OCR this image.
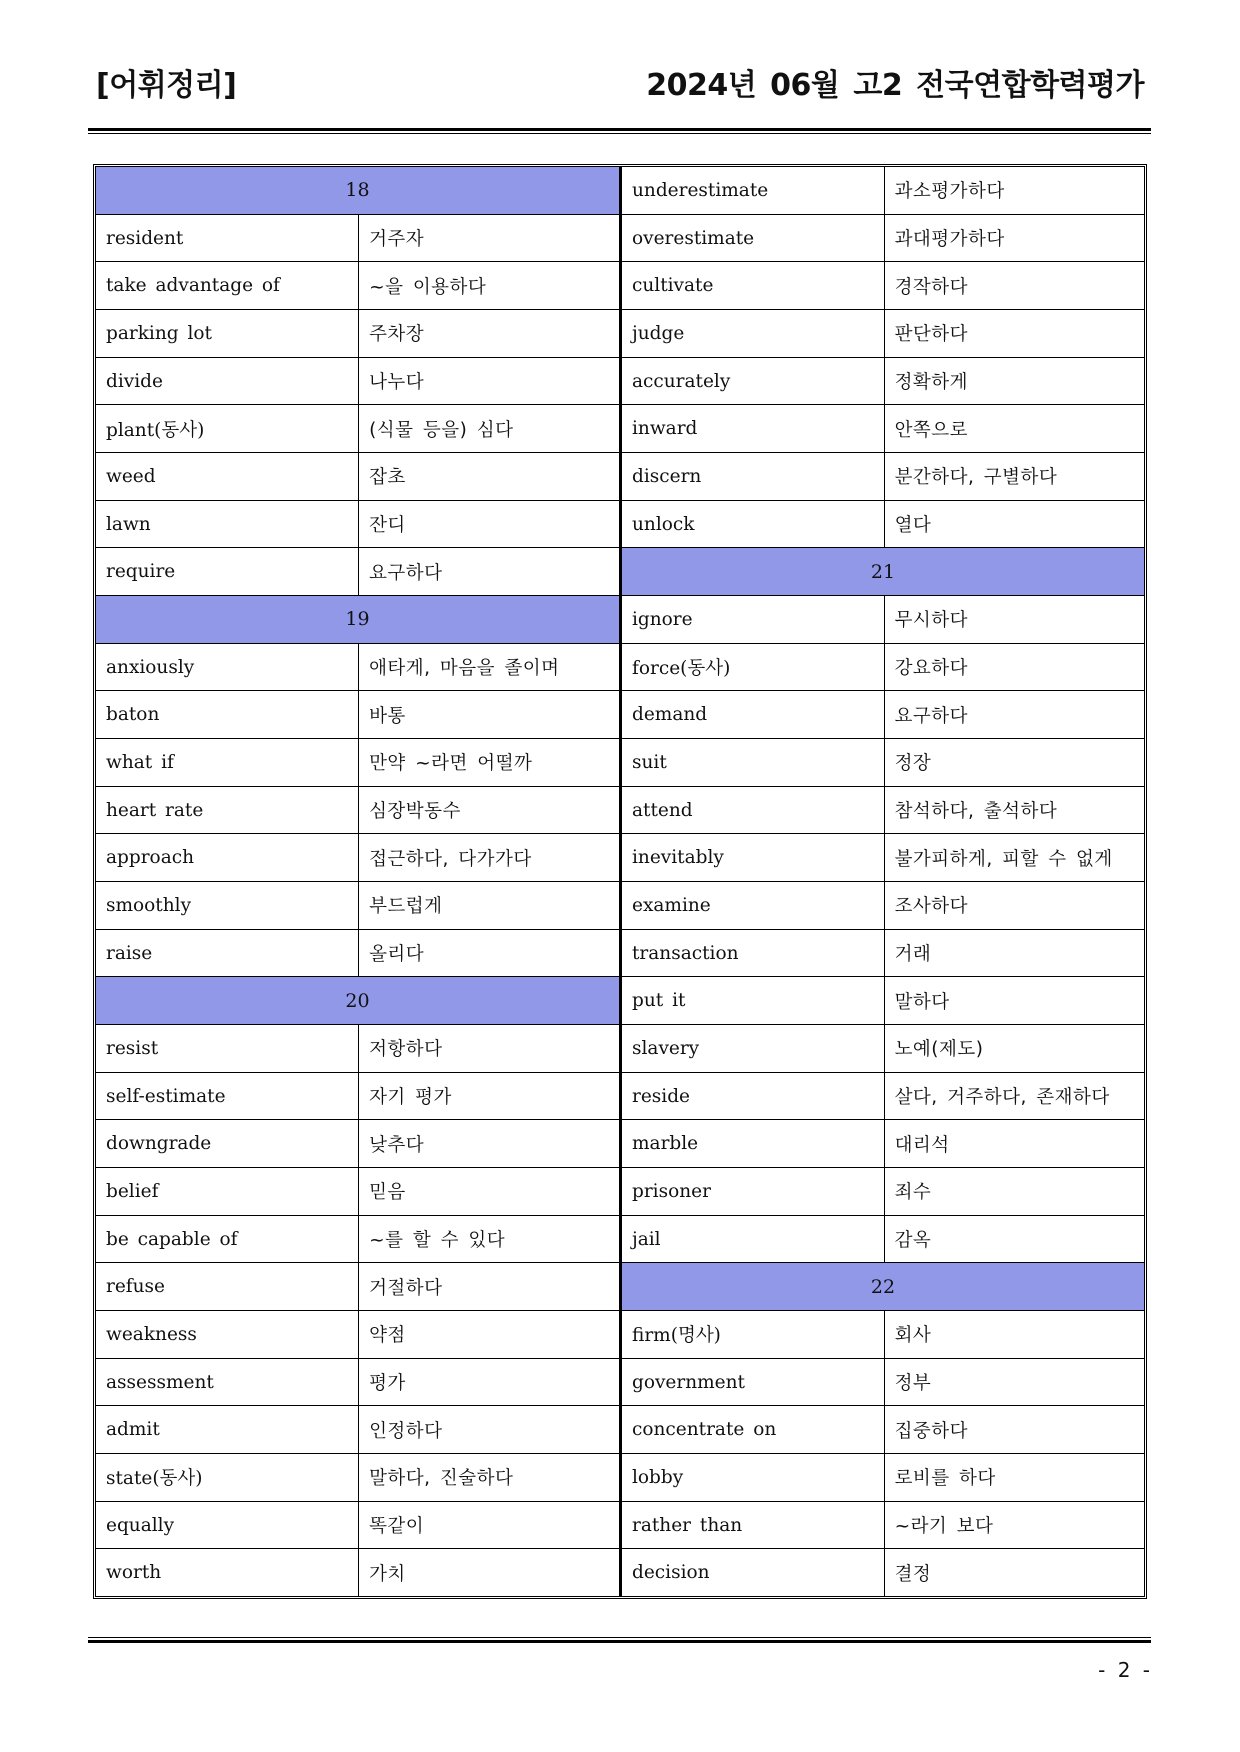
[어휘정리]	2024년 06월 고2 전국연합학력평가
18
resident	거주자
take advantage of	~을 이용하다
parking lot	주차장
divide	나누다
plant(동사)	(식물 등을) 심다
weed	잡초
lawn	잔디
require	요구하다
19
anxiously	애타게, 마음을 졸이며
baton	바통
what if	만약 ~라면 어떨까
heart rate	심장박동수
approach	접근하다, 다가가다
smoothly	부드럽게
raise	올리다
20
resist	저항하다
self-estimate	자기 평가
downgrade	낮추다
belief	믿음
be capable of	~를 할 수 있다
refuse	거절하다
weakness	약점
assessment	평가
admit	인정하다
state(동사)	말하다, 진술하다
equally	똑같이
worth	가치
underestimate	과소평가하다
overestimate	과대평가하다
cultivate	경작하다
judge	판단하다
accurately	정확하게
inward	안쪽으로
discern	분간하다, 구별하다
unlock	열다
21
ignore	무시하다
force(동사)	강요하다
demand	요구하다
suit	정장
attend	참석하다, 출석하다
inevitably	불가피하게, 피할 수 없게
examine	조사하다
transaction	거래
put it	말하다
slavery	노예(제도)
reside	살다, 거주하다, 존재하다
marble	대리석
prisoner	죄수
jail	감옥
22
firm(명사)	회사
government	정부
concentrate on	집중하다
lobby	로비를 하다
rather than	~라기 보다
decision	결정
- 2 -
